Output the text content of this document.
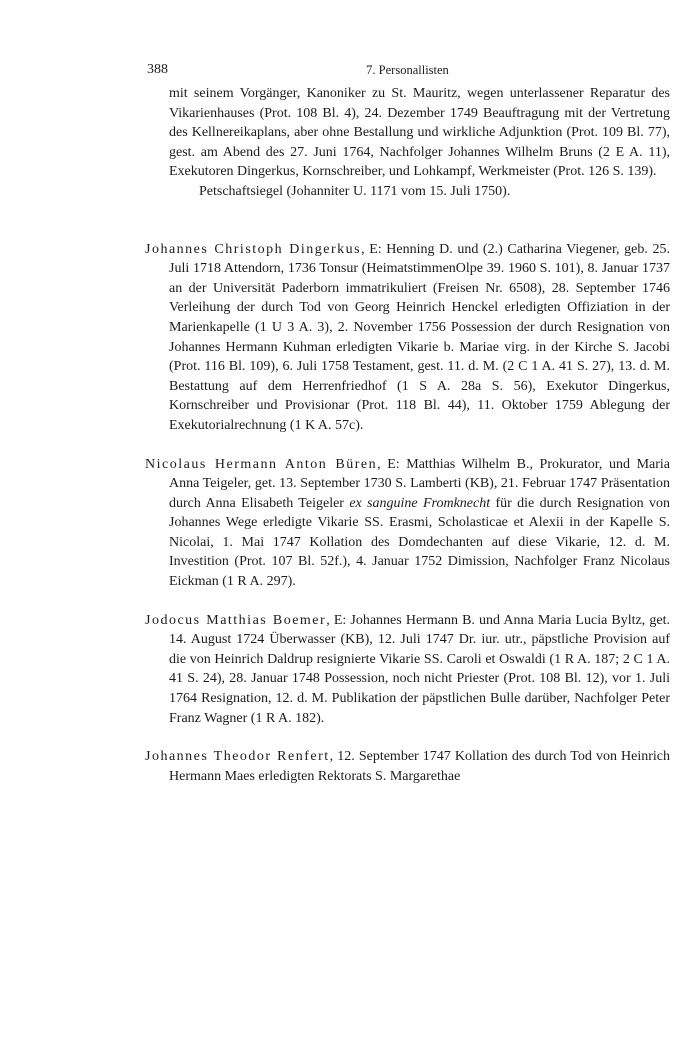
388	7. Personallisten
mit seinem Vorgänger, Kanoniker zu St. Mauritz, wegen unterlassener Reparatur des Vikarienhauses (Prot. 108 Bl. 4), 24. Dezember 1749 Beauftragung mit der Vertretung des Kellnereikaplans, aber ohne Bestallung und wirkliche Adjunktion (Prot. 109 Bl. 77), gest. am Abend des 27. Juni 1764, Nachfolger Johannes Wilhelm Bruns (2 E A. 11), Exekutoren Dingerkus, Kornschreiber, und Lohkampf, Werkmeister (Prot. 126 S. 139).
Petschaftsiegel (Johanniter U. 1171 vom 15. Juli 1750).
Johannes Christoph Dingerkus, E: Henning D. und (2.) Catharina Viegener, geb. 25. Juli 1718 Attendorn, 1736 Tonsur (HeimatstimmenOlpe 39. 1960 S. 101), 8. Januar 1737 an der Universität Paderborn immatrikuliert (Freisen Nr. 6508), 28. September 1746 Verleihung der durch Tod von Georg Heinrich Henckel erledigten Offiziation in der Marienkapelle (1 U 3 A. 3), 2. November 1756 Possession der durch Resignation von Johannes Hermann Kuhman erledigten Vikarie b. Mariae virg. in der Kirche S. Jacobi (Prot. 116 Bl. 109), 6. Juli 1758 Testament, gest. 11. d. M. (2 C 1 A. 41 S. 27), 13. d. M. Bestattung auf dem Herrenfriedhof (1 S A. 28a S. 56), Exekutor Dingerkus, Kornschreiber und Provisionar (Prot. 118 Bl. 44), 11. Oktober 1759 Ablegung der Exekutorialrechnung (1 K A. 57c).
Nicolaus Hermann Anton Büren, E: Matthias Wilhelm B., Prokurator, und Maria Anna Teigeler, get. 13. September 1730 S. Lamberti (KB), 21. Februar 1747 Präsentation durch Anna Elisabeth Teigeler ex sanguine Fromknecht für die durch Resignation von Johannes Wege erledigte Vikarie SS. Erasmi, Scholasticae et Alexii in der Kapelle S. Nicolai, 1. Mai 1747 Kollation des Domdechanten auf diese Vikarie, 12. d. M. Investition (Prot. 107 Bl. 52f.), 4. Januar 1752 Dimission, Nachfolger Franz Nicolaus Eickman (1 R A. 297).
Jodocus Matthias Boemer, E: Johannes Hermann B. und Anna Maria Lucia Byltz, get. 14. August 1724 Überwasser (KB), 12. Juli 1747 Dr. iur. utr., päpstliche Provision auf die von Heinrich Daldrup resignierte Vikarie SS. Caroli et Oswaldi (1 R A. 187; 2 C 1 A. 41 S. 24), 28. Januar 1748 Possession, noch nicht Priester (Prot. 108 Bl. 12), vor 1. Juli 1764 Resignation, 12. d. M. Publikation der päpstlichen Bulle darüber, Nachfolger Peter Franz Wagner (1 R A. 182).
Johannes Theodor Renfert, 12. September 1747 Kollation des durch Tod von Heinrich Hermann Maes erledigten Rektorats S. Margarethae
